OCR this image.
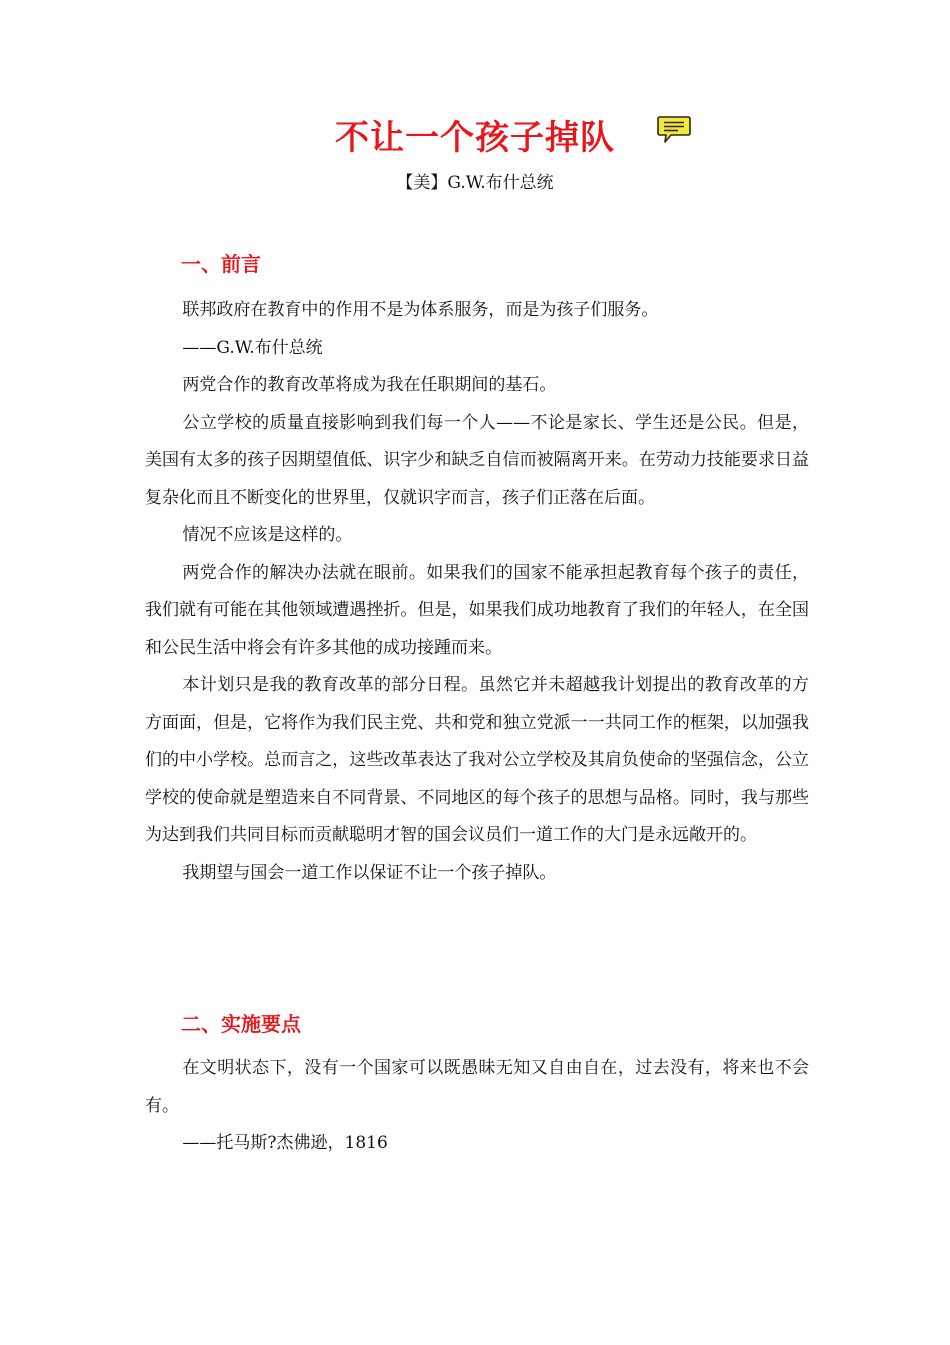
不让一个孩子掉队
【美】G.W.布什总统
一、前言

联邦政府在教育中的作用不是为体系服务，而是为孩子们服务。

——G.W.布什总统

两党合作的教育改革将成为我在任职期间的基石。

公立学校的质量直接影响到我们每一个人——不论是家长、学生还是公民。但是，美国有太多的孩子因期望值低、识字少和缺乏自信而被隔离开来。在劳动力技能要求日益复杂化而且不断变化的世界里，仅就识字而言，孩子们正落在后面。

情况不应该是这样的。

两党合作的解决办法就在眼前。如果我们的国家不能承担起教育每个孩子的责任，我们就有可能在其他领域遭遇挫折。但是，如果我们成功地教育了我们的年轻人，在全国和公民生活中将会有许多其他的成功接踵而来。

本计划只是我的教育改革的部分日程。虽然它并未超越我计划提出的教育改革的方方面面，但是，它将作为我们民主党、共和党和独立党派一一共同工作的框架，以加强我们的中小学校。总而言之，这些改革表达了我对公立学校及其肩负使命的坚强信念，公立学校的使命就是塑造来自不同背景、不同地区的每个孩子的思想与品格。同时，我与那些为达到我们共同目标而贡献聪明才智的国会议员们一道工作的大门是永远敞开的。

我期望与国会一道工作以保证不让一个孩子掉队。

二、实施要点

在文明状态下，没有一个国家可以既愚昧无知又自由自在，过去没有，将来也不会有。

——托马斯?杰佛逊，1816
